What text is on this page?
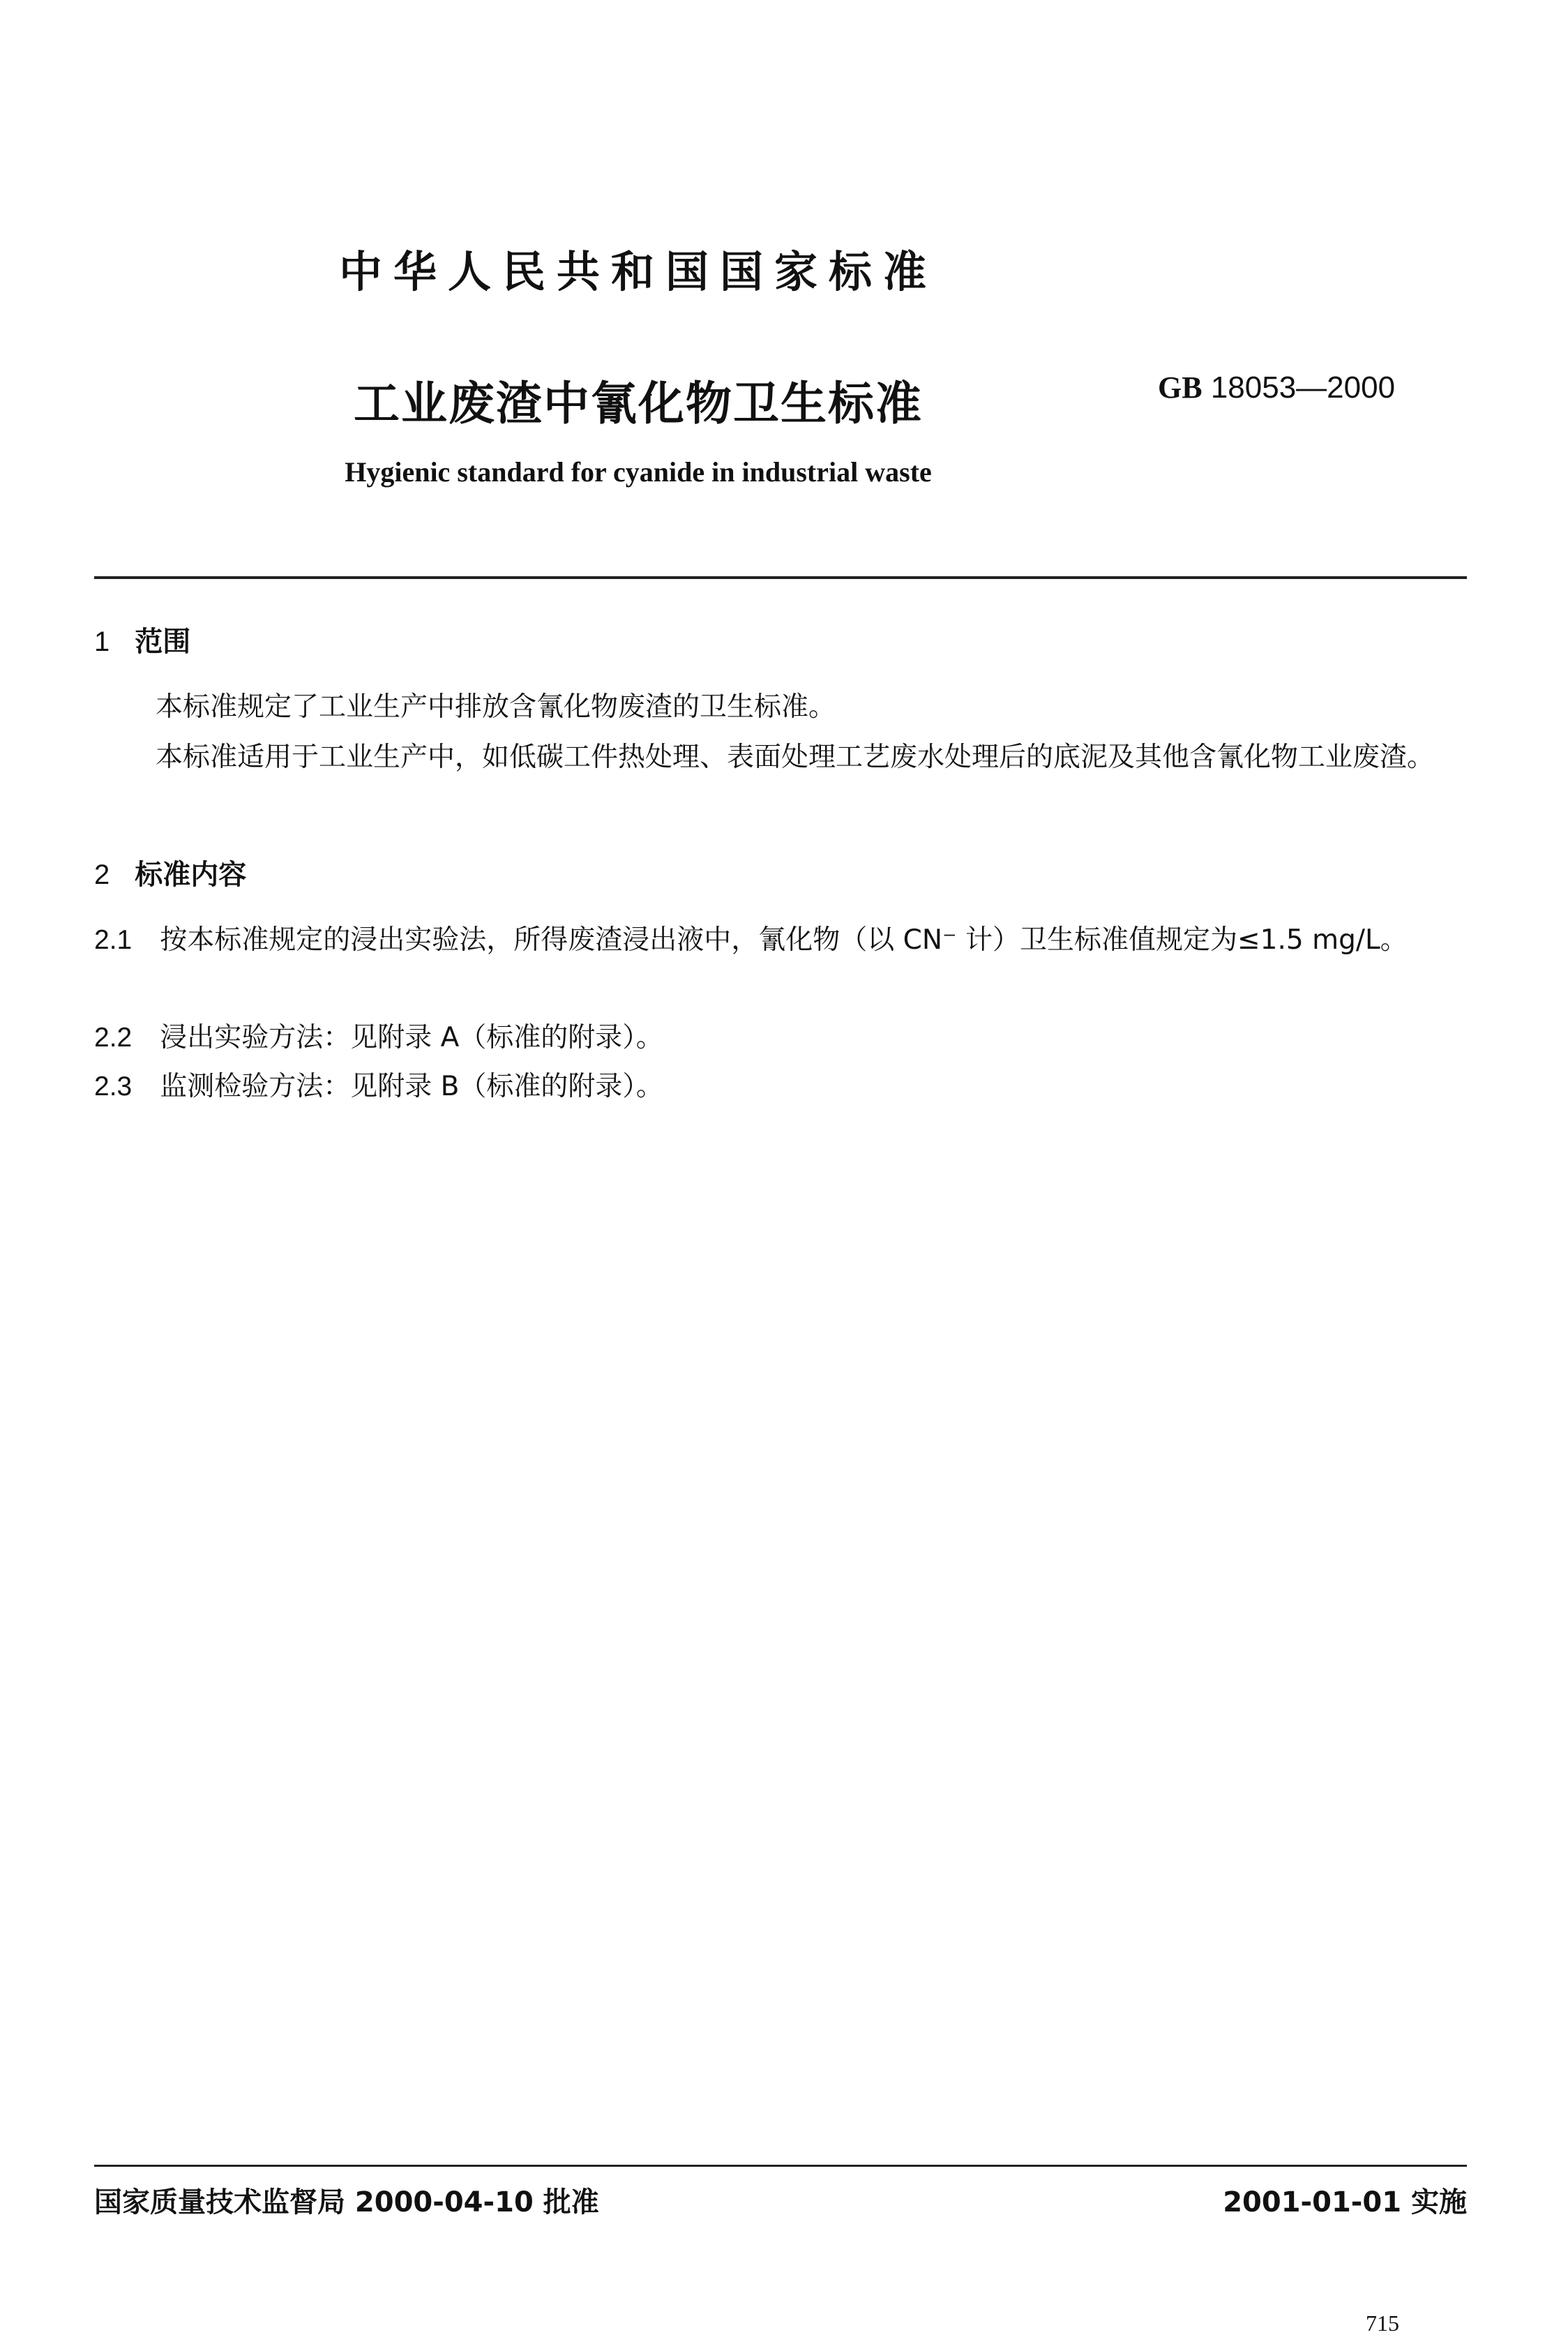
中华人民共和国国家标准
工业废渣中氰化物卫生标准	GB 18053—2000
Hygienic standard for cyanide in industrial waste
1 范围
本标准规定了工业生产中排放含氰化物废渣的卫生标准。
本标准适用于工业生产中，如低碳工件热处理、表面处理工艺废水处理后的底泥及其他含氰化物工业废渣。
2 标准内容
2.1 按本标准规定的浸出实验法，所得废渣浸出液中，氰化物（以 CN⁻ 计）卫生标准值规定为≤1.5 mg/L。
2.2 浸出实验方法：见附录 A（标准的附录）。
2.3 监测检验方法：见附录 B（标准的附录）。
国家质量技术监督局 2000-04-10 批准	2001-01-01 实施
715
